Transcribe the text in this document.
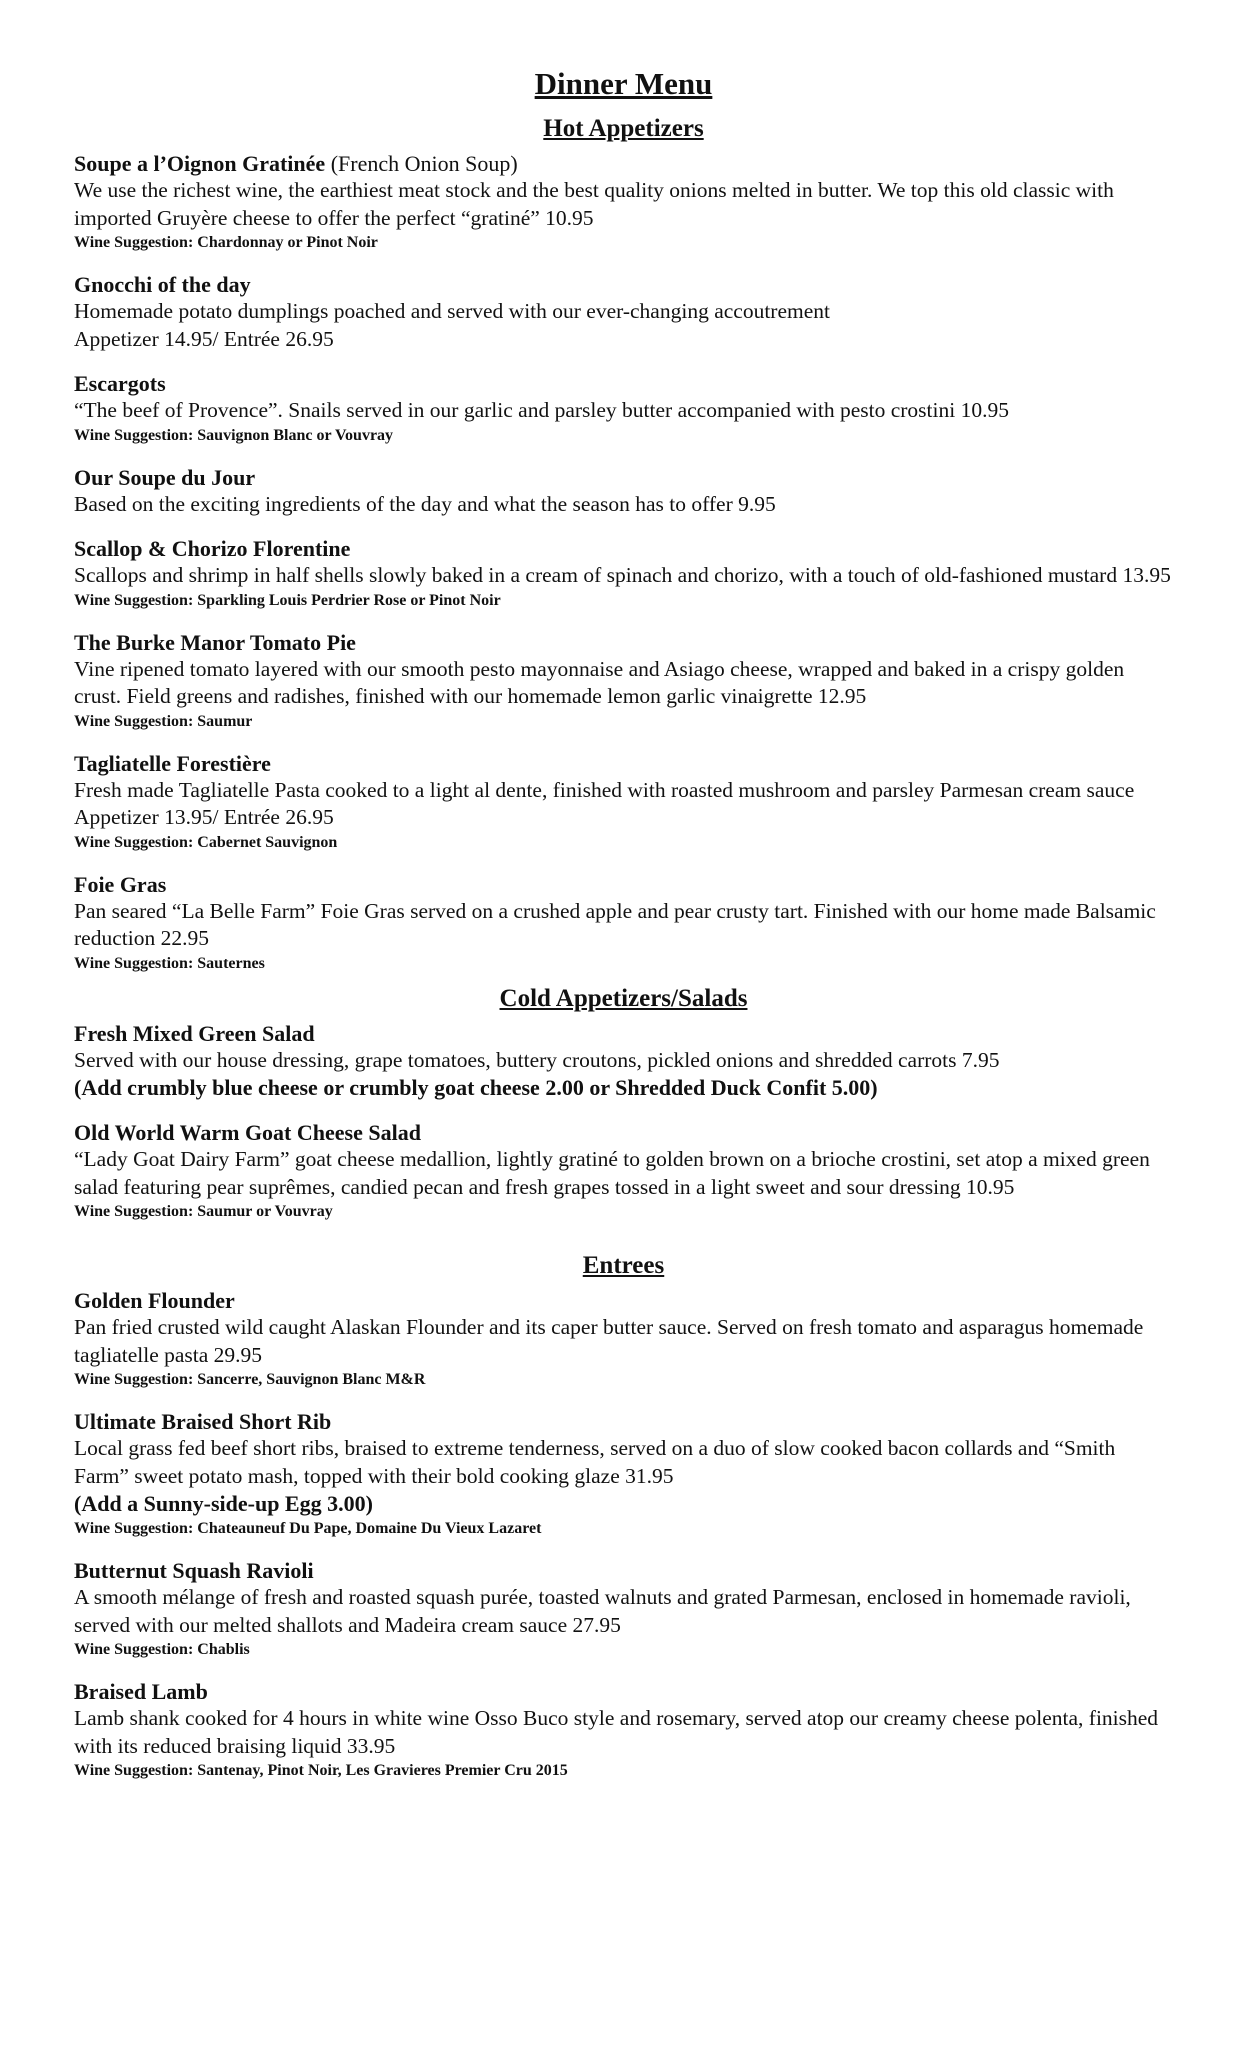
Dinner Menu
Hot Appetizers
Soupe a l’Oignon Gratinée (French Onion Soup)
We use the richest wine, the earthiest meat stock and the best quality onions melted in butter. We top this old classic with imported Gruyère cheese to offer the perfect “gratiné” 10.95
Wine Suggestion: Chardonnay or Pinot Noir
Gnocchi of the day
Homemade potato dumplings poached and served with our ever-changing accoutrement
Appetizer 14.95/ Entrée 26.95
Escargots
“The beef of Provence”. Snails served in our garlic and parsley butter accompanied with pesto crostini 10.95
Wine Suggestion: Sauvignon Blanc or Vouvray
Our Soupe du Jour
Based on the exciting ingredients of the day and what the season has to offer 9.95
Scallop & Chorizo Florentine
Scallops and shrimp in half shells slowly baked in a cream of spinach and chorizo, with a touch of old-fashioned mustard 13.95
Wine Suggestion: Sparkling Louis Perdrier Rose or Pinot Noir
The Burke Manor Tomato Pie
Vine ripened tomato layered with our smooth pesto mayonnaise and Asiago cheese, wrapped and baked in a crispy golden crust. Field greens and radishes, finished with our homemade lemon garlic vinaigrette 12.95
Wine Suggestion: Saumur
Tagliatelle Forestière
Fresh made Tagliatelle Pasta cooked to a light al dente, finished with roasted mushroom and parsley Parmesan cream sauce     Appetizer 13.95/ Entrée 26.95
Wine Suggestion: Cabernet Sauvignon
Foie Gras
Pan seared “La Belle Farm” Foie Gras served on a crushed apple and pear crusty tart. Finished with our home made Balsamic reduction 22.95
Wine Suggestion: Sauternes
Cold Appetizers/Salads
Fresh Mixed Green Salad
Served with our house dressing, grape tomatoes, buttery croutons, pickled onions and shredded carrots 7.95
(Add crumbly blue cheese or crumbly goat cheese 2.00 or Shredded Duck Confit 5.00)
Old World Warm Goat Cheese Salad
“Lady Goat Dairy Farm” goat cheese medallion, lightly gratiné to golden brown on a brioche crostini, set atop a mixed green salad featuring pear suprêmes, candied pecan and fresh grapes tossed in a light sweet and sour dressing 10.95
Wine Suggestion: Saumur or Vouvray
Entrees
Golden Flounder
Pan fried crusted wild caught Alaskan Flounder and its caper butter sauce. Served on fresh tomato and asparagus homemade tagliatelle pasta 29.95
Wine Suggestion: Sancerre, Sauvignon Blanc M&R
Ultimate Braised Short Rib
Local grass fed beef short ribs, braised to extreme tenderness, served on a duo of slow cooked bacon collards and “Smith Farm” sweet potato mash, topped with their bold cooking glaze 31.95
(Add a Sunny-side-up Egg 3.00)
Wine Suggestion: Chateauneuf Du Pape, Domaine Du Vieux Lazaret
Butternut Squash Ravioli
A smooth mélange of fresh and roasted squash purée, toasted walnuts and grated Parmesan, enclosed in homemade ravioli, served with our melted shallots and Madeira cream sauce 27.95
Wine Suggestion: Chablis
Braised Lamb
Lamb shank cooked for 4 hours in white wine Osso Buco style and rosemary, served atop our creamy cheese polenta, finished with its reduced braising liquid 33.95
Wine Suggestion: Santenay, Pinot Noir, Les Gravieres Premier Cru 2015
